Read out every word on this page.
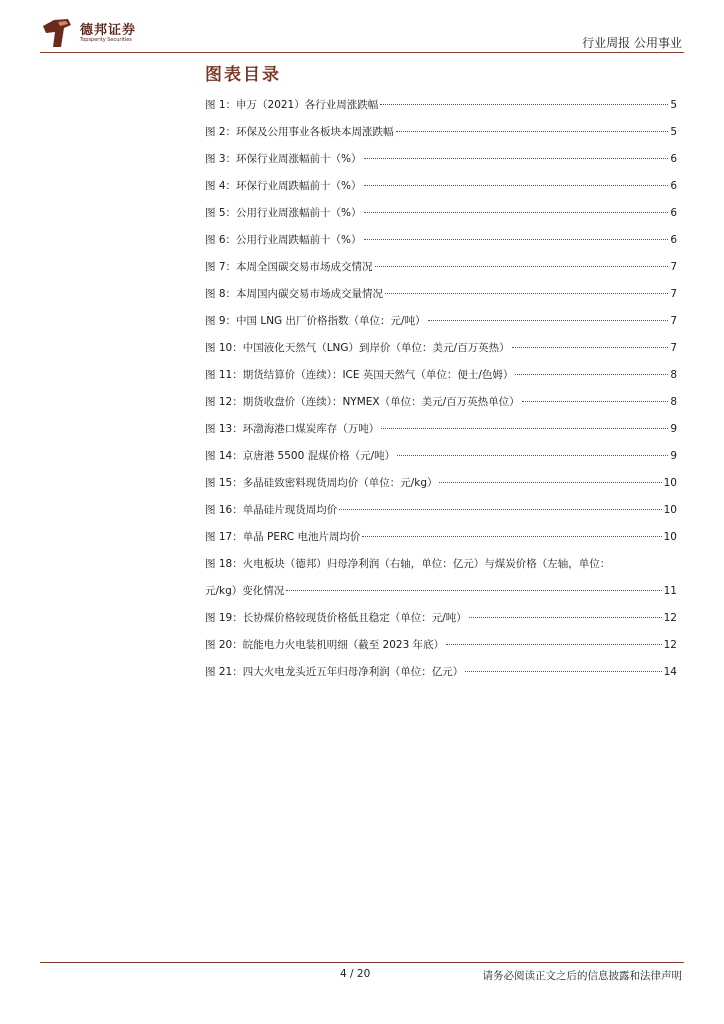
德邦证券
Topsperity Securities	行业周报 公用事业
图表目录
图 1：申万（2021）各行业周涨跌幅	5
图 2：环保及公用事业各板块本周涨跌幅	5
图 3：环保行业周涨幅前十（%）	6
图 4：环保行业周跌幅前十（%）	6
图 5：公用行业周涨幅前十（%）	6
图 6：公用行业周跌幅前十（%）	6
图 7：本周全国碳交易市场成交情况	7
图 8：本周国内碳交易市场成交量情况	7
图 9：中国 LNG 出厂价格指数（单位：元/吨）	7
图 10：中国液化天然气（LNG）到岸价（单位：美元/百万英热）	7
图 11：期货结算价（连续）：ICE 英国天然气（单位：便士/色姆）	8
图 12：期货收盘价（连续）：NYMEX（单位：美元/百万英热单位）	8
图 13：环渤海港口煤炭库存（万吨）	9
图 14：京唐港 5500 混煤价格（元/吨）	9
图 15：多晶硅致密料现货周均价（单位：元/kg）	10
图 16：单晶硅片现货周均价	10
图 17：单晶 PERC 电池片周均价	10
图 18：火电板块（德邦）归母净利润（右轴，单位：亿元）与煤炭价格（左轴，单位：
元/kg）变化情况	11
图 19：长协煤价格较现货价格低且稳定（单位：元/吨）	12
图 20：皖能电力火电装机明细（截至 2023 年底）	12
图 21：四大火电龙头近五年归母净利润（单位：亿元）	14
4 / 20	请务必阅读正文之后的信息披露和法律声明
